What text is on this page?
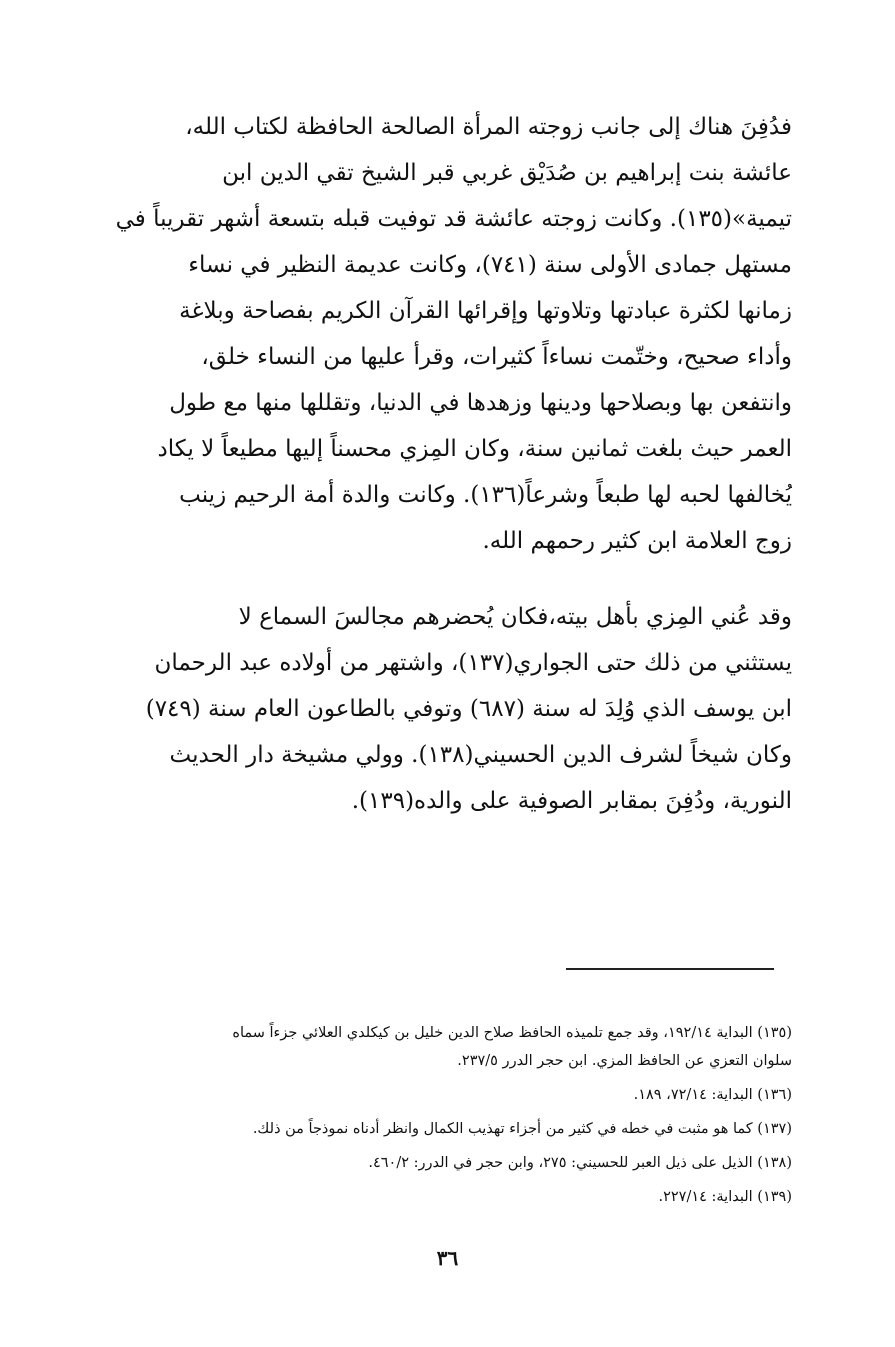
فدُفِنَ هناك إلى جانب زوجته المرأة الصالحة الحافظة لكتاب الله،
عائشة بنت إبراهيم بن صُدَيْق غربي قبر الشيخ تقي الدين ابن
تيمية»(١٣٥). وكانت زوجته عائشة قد توفيت قبله بتسعة أشهر تقريباً في
مستهل جمادى الأولى سنة (٧٤١)، وكانت عديمة النظير في نساء
زمانها لكثرة عبادتها وتلاوتها وإقرائها القرآن الكريم بفصاحة وبلاغة
وأداء صحيح، وختّمت نساءاً كثيرات، وقرأ عليها من النساء خلق،
وانتفعن بها وبصلاحها ودينها وزهدها في الدنيا، وتقللها منها مع طول
العمر حيث بلغت ثمانين سنة، وكان المِزي محسناً إليها مطيعاً لا يكاد
يُخالفها لحبه لها طبعاً وشرعاً(١٣٦). وكانت والدة أمة الرحيم زينب
زوج العلامة ابن كثير رحمهم الله.
وقد عُني المِزي بأهل بيته،فكان يُحضرهم مجالسَ السماع لا
يستثني من ذلك حتى الجواري(١٣٧)، واشتهر من أولاده عبد الرحمان
ابن يوسف الذي وُلِدَ له سنة (٦٨٧) وتوفي بالطاعون العام سنة (٧٤٩)
وكان شيخاً لشرف الدين الحسيني(١٣٨). وولي مشيخة دار الحديث
النورية، ودُفِنَ بمقابر الصوفية على والده(١٣٩).
(١٣٥) البداية ١٩٢/١٤، وقد جمع تلميذه الحافظ صلاح الدين خليل بن كيكلدي العلائي جزءاً سماه
سلوان التعزي عن الحافظ المزي. ابن حجر الدرر ٢٣٧/٥.
(١٣٦) البداية: ٧٢/١٤، ١٨٩.
(١٣٧) كما هو مثبت في خطه في كثير من أجزاء تهذيب الكمال وانظر أدناه نموذجاً من ذلك.
(١٣٨) الذيل على ذيل العبر للحسيني: ٢٧٥، وابن حجر في الدرر: ٤٦٠/٢.
(١٣٩) البداية: ٢٢٧/١٤.
٣٦
